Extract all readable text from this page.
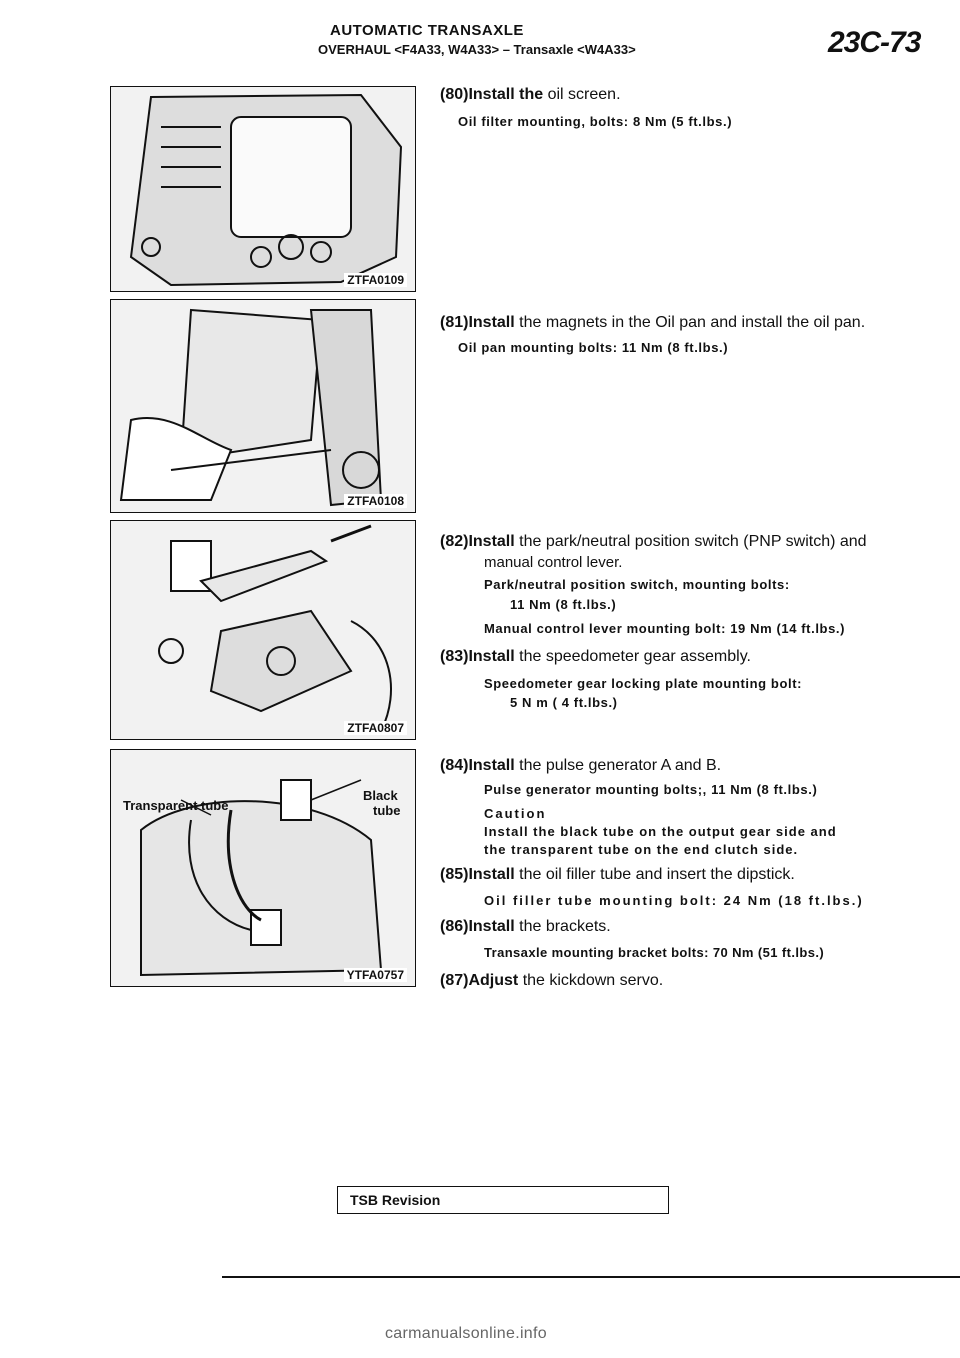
AUTOMATIC TRANSAXLE
OVERHAUL <F4A33, W4A33> – Transaxle <W4A33>	23C-73
ZTFA0109
ZTFA0108
ZTFA0807
Black
tube
Transparent tube
YTFA0757
(80)Install the oil screen.
Oil filter mounting, bolts: 8 Nm (5 ft.lbs.)
(81)Install the magnets in the Oil pan and install the oil pan.
Oil pan mounting bolts: 11 Nm (8 ft.lbs.)
(82)Install the park/neutral position switch (PNP switch) and
manual control lever.
Park/neutral position switch, mounting bolts:
11 Nm (8 ft.lbs.)
Manual control lever mounting bolt: 19 Nm (14 ft.lbs.)
(83)Install the speedometer gear assembly.
Speedometer gear locking plate mounting bolt:
5 N m ( 4 ft.lbs.)
(84)Install the pulse generator A and B.
Pulse generator mounting bolts;, 11 Nm (8 ft.lbs.)
Caution
Install the black tube on the output gear side and
the transparent tube on the end clutch side.
(85)Install the oil filler tube and insert the dipstick.
Oil filler tube mounting bolt: 24 Nm (18 ft.lbs.)
(86)Install the brackets.
Transaxle mounting bracket bolts: 70 Nm (51 ft.lbs.)
(87)Adjust the kickdown servo.
TSB Revision
carmanualsonline.info
